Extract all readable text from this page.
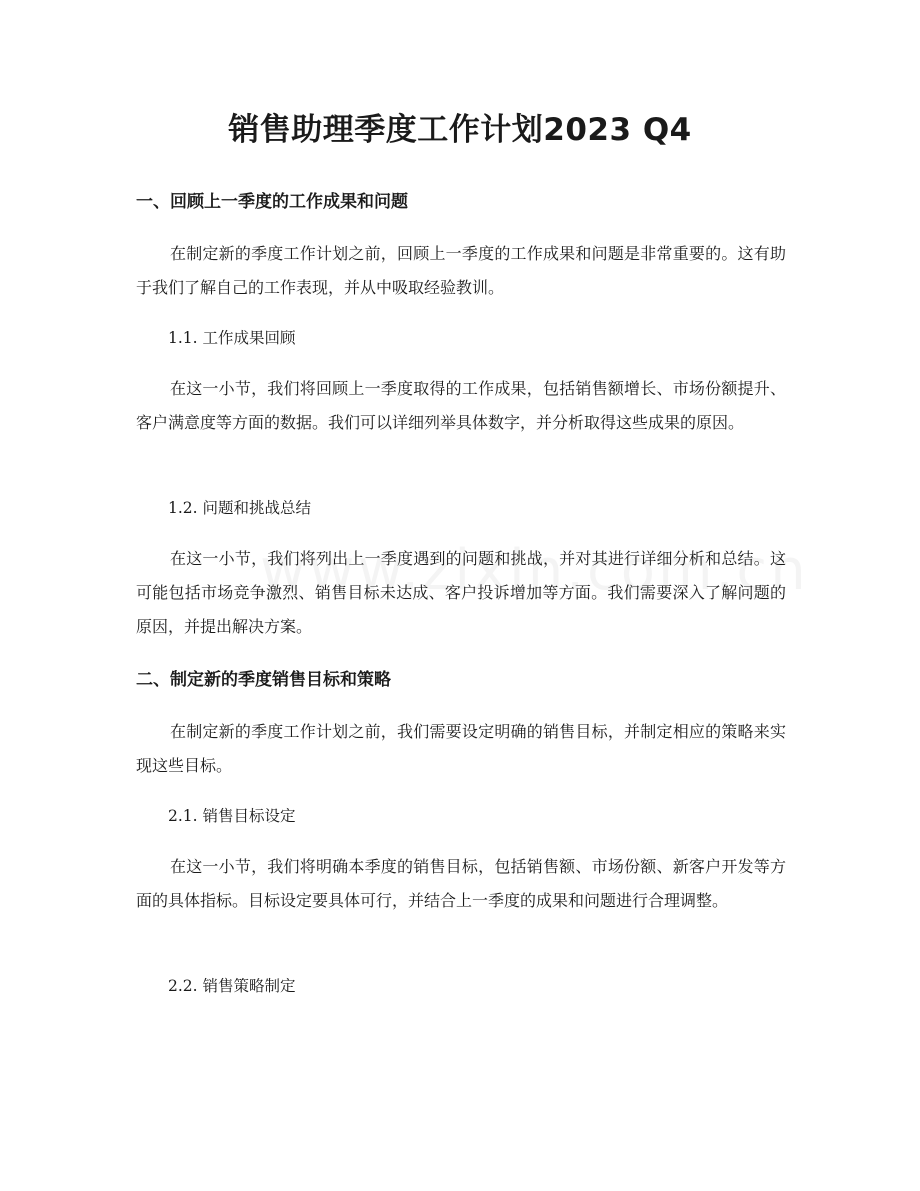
销售助理季度工作计划2023 Q4
一、回顾上一季度的工作成果和问题
在制定新的季度工作计划之前，回顾上一季度的工作成果和问题是非常重要的。这有助于我们了解自己的工作表现，并从中吸取经验教训。
1.1. 工作成果回顾
在这一小节，我们将回顾上一季度取得的工作成果，包括销售额增长、市场份额提升、客户满意度等方面的数据。我们可以详细列举具体数字，并分析取得这些成果的原因。
1.2. 问题和挑战总结
在这一小节，我们将列出上一季度遇到的问题和挑战，并对其进行详细分析和总结。这可能包括市场竞争激烈、销售目标未达成、客户投诉增加等方面。我们需要深入了解问题的原因，并提出解决方案。
二、制定新的季度销售目标和策略
在制定新的季度工作计划之前，我们需要设定明确的销售目标，并制定相应的策略来实现这些目标。
2.1. 销售目标设定
在这一小节，我们将明确本季度的销售目标，包括销售额、市场份额、新客户开发等方面的具体指标。目标设定要具体可行，并结合上一季度的成果和问题进行合理调整。
2.2. 销售策略制定
